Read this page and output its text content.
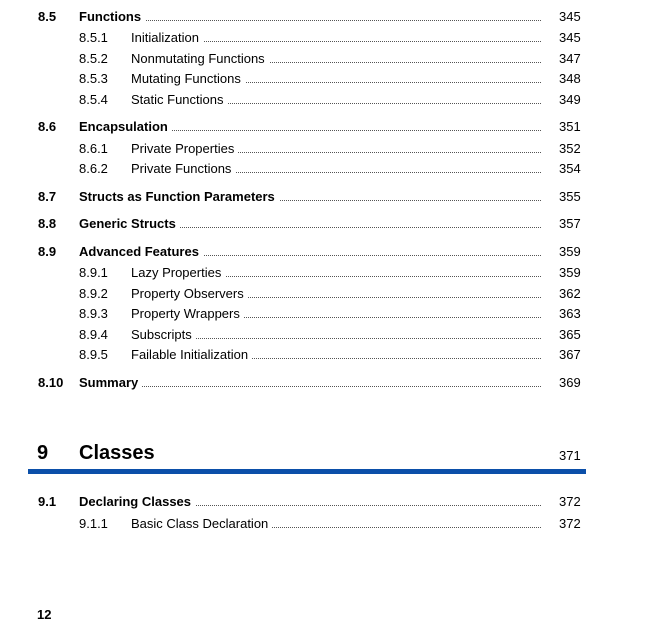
8.5 Functions	345
8.5.1 Initialization	345
8.5.2 Nonmutating Functions	347
8.5.3 Mutating Functions	348
8.5.4 Static Functions	349
8.6 Encapsulation	351
8.6.1 Private Properties	352
8.6.2 Private Functions	354
8.7 Structs as Function Parameters	355
8.8 Generic Structs	357
8.9 Advanced Features	359
8.9.1 Lazy Properties	359
8.9.2 Property Observers	362
8.9.3 Property Wrappers	363
8.9.4 Subscripts	365
8.9.5 Failable Initialization	367
8.10 Summary	369
9 Classes	371
9.1 Declaring Classes	372
9.1.1 Basic Class Declaration	372
12
